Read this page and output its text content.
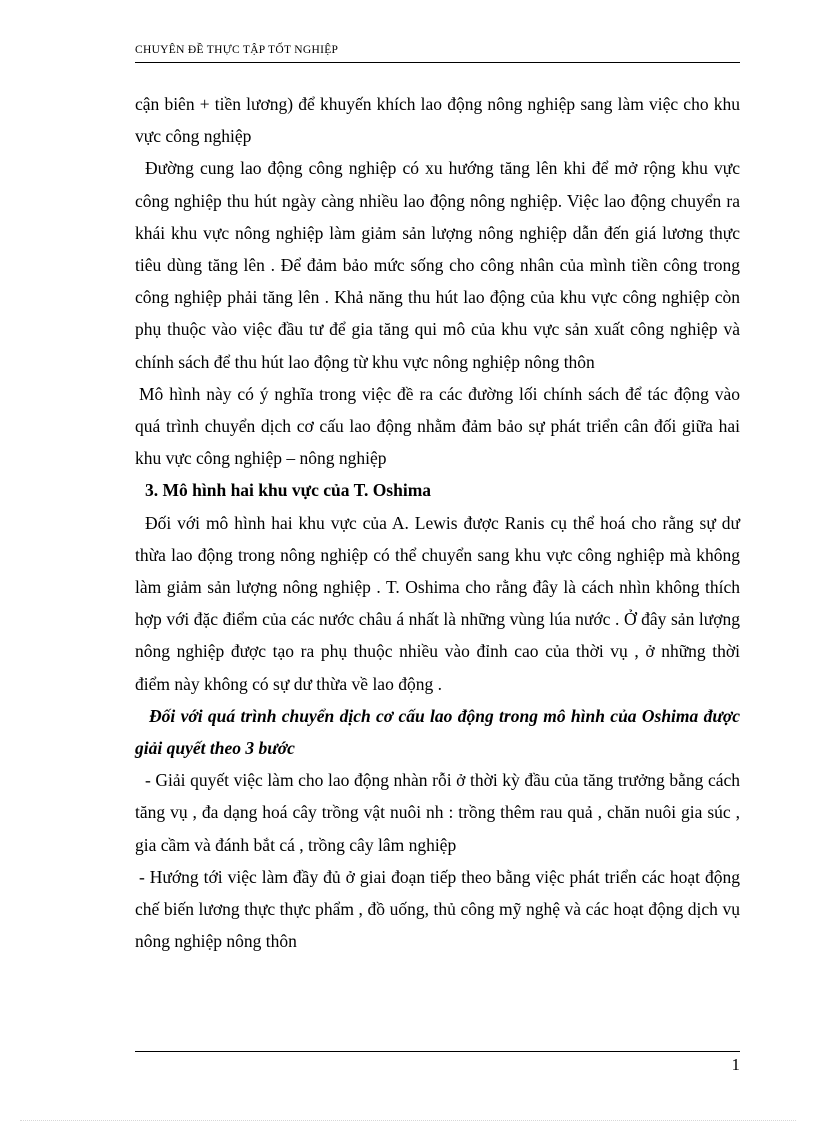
CHUYÊN ĐỀ THỰC TẬP TỐT NGHIỆP

cận biên + tiền lương) để khuyến khích lao động nông nghiệp sang làm việc cho khu vực công nghiệp

Đường cung lao động công nghiệp có xu hướng tăng lên khi để mở rộng khu vực công nghiệp thu hút ngày càng nhiều lao động nông nghiệp. Việc lao động chuyển ra khái khu vực nông nghiệp làm giảm sản lượng nông nghiệp dẫn đến giá lương thực tiêu dùng tăng lên . Để đảm bảo mức sống cho công nhân của mình tiền công trong công nghiệp phải tăng lên . Khả năng thu hút lao động của khu vực công nghiệp còn phụ thuộc vào việc đầu tư để gia tăng qui mô của khu vực sản xuất công nghiệp và chính sách để thu hút lao động từ khu vực nông nghiệp nông thôn

Mô hình này có ý nghĩa trong việc đề ra các đường lối chính sách để tác động vào quá trình chuyển dịch cơ cấu lao động nhằm đảm bảo sự phát triển cân đối giữa hai khu vực công nghiệp – nông nghiệp

3. Mô hình hai khu vực của T. Oshima

Đối với mô hình hai khu vực của A. Lewis được Ranis cụ thể hoá cho rằng sự dư thừa lao động trong nông nghiệp có thể chuyển sang khu vực công nghiệp mà không làm giảm sản lượng nông nghiệp . T. Oshima cho rằng đây là cách nhìn không thích hợp với đặc điểm của các nước châu á nhất là những vùng lúa nước . Ở đây sản lượng nông nghiệp được tạo ra phụ thuộc nhiều vào đỉnh cao của thời vụ , ở những thời điểm này không có sự dư thừa về lao động .

Đối với quá trình chuyển dịch cơ cấu lao động trong mô hình của Oshima được giải quyết theo 3 bước

- Giải quyết việc làm cho lao động nhàn rỗi ở thời kỳ đầu của tăng trưởng bằng cách tăng vụ , đa dạng hoá cây trồng vật nuôi nh : trồng thêm rau quả , chăn nuôi gia súc , gia cầm và đánh bắt cá , trồng cây lâm nghiệp

- Hướng tới việc làm đầy đủ ở giai đoạn tiếp theo bằng việc phát triển các hoạt động chế biến lương thực thực phẩm , đồ uống, thủ công mỹ nghệ và các hoạt động dịch vụ nông nghiệp nông thôn

1
